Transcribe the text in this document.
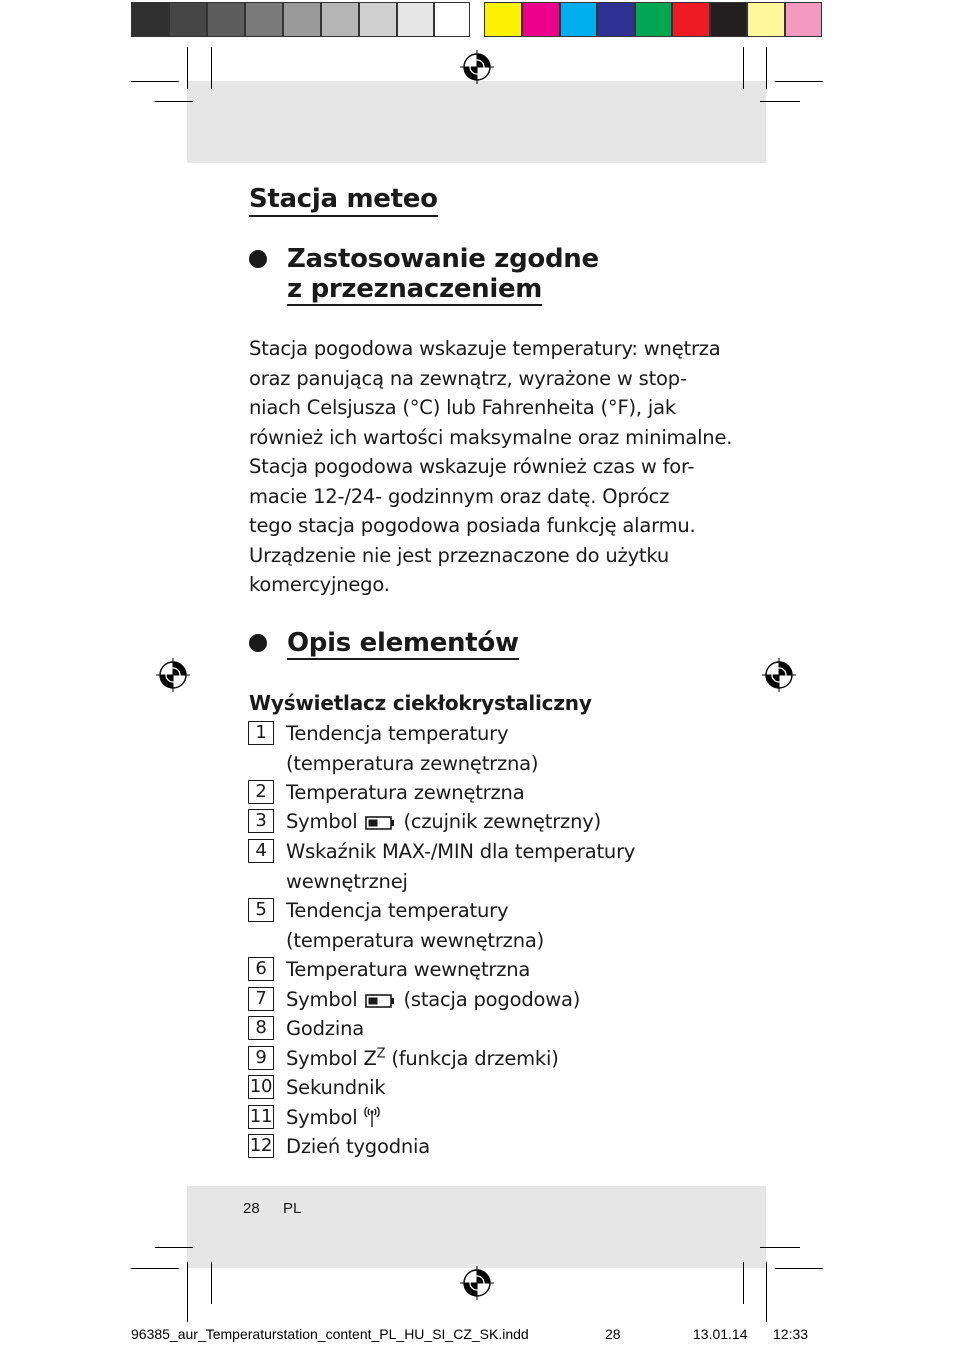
Stacja meteo
Zastosowanie zgodne
z przeznaczeniem
Stacja pogodowa wskazuje temperatury: wnętrza
oraz panującą na zewnątrz, wyrażone w stop-
niach Celsjusza (°C) lub Fahrenheita (°F), jak
również ich wartości maksymalne oraz minimalne.
Stacja pogodowa wskazuje również czas w for-
macie 12-/24- godzinnym oraz datę. Oprócz
tego stacja pogodowa posiada funkcję alarmu.
Urządzenie nie jest przeznaczone do użytku
komercyjnego.
Opis elementów
Wyświetlacz ciekłokrystaliczny
1 Tendencja temperatury
(temperatura zewnętrzna)
2 Temperatura zewnętrzna
3 Symbol (czujnik zewnętrzny)
4 Wskaźnik MAX-/MIN dla temperatury
wewnętrznej
5 Tendencja temperatury
(temperatura wewnętrzna)
6 Temperatura wewnętrzna
7 Symbol (stacja pogodowa)
8 Godzina
9 Symbol $Z^Z$ (funkcja drzemki)
10 Sekundnik
11 Symbol
12 Dzień tygodnia
28 PL
96385_aur_Temperaturstation_content_PL_HU_SI_CZ_SK.indd	28	13.01.14 12:33
